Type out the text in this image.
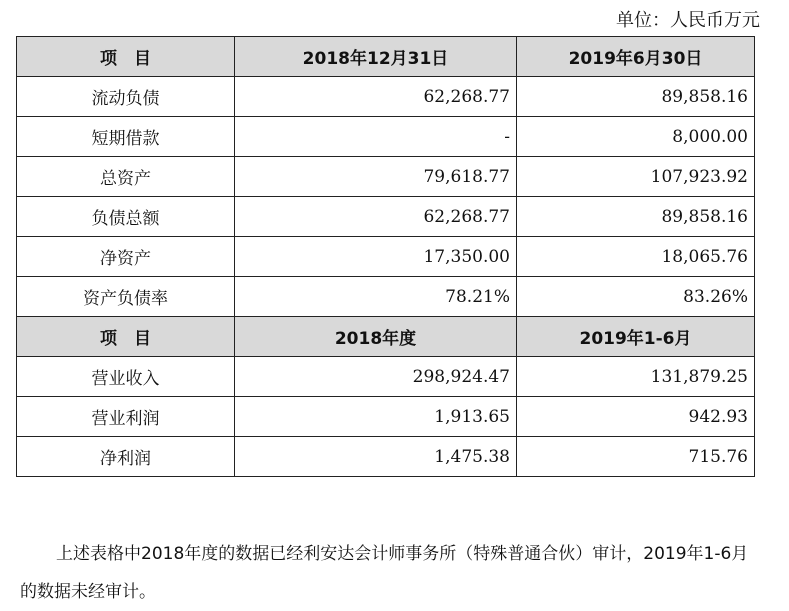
单位：人民币万元
项　目	2018年12月31日	2019年6月30日
流动负债	62,268.77	89,858.16
短期借款	-	8,000.00
总资产	79,618.77	107,923.92
负债总额	62,268.77	89,858.16
净资产	17,350.00	18,065.76
资产负债率	78.21%	83.26%
项　目	2018年度	2019年1-6月
营业收入	298,924.47	131,879.25
营业利润	1,913.65	942.93
净利润	1,475.38	715.76

上述表格中2018年度的数据已经利安达会计师事务所（特殊普通合伙）审计，2019年1-6月的数据未经审计。
